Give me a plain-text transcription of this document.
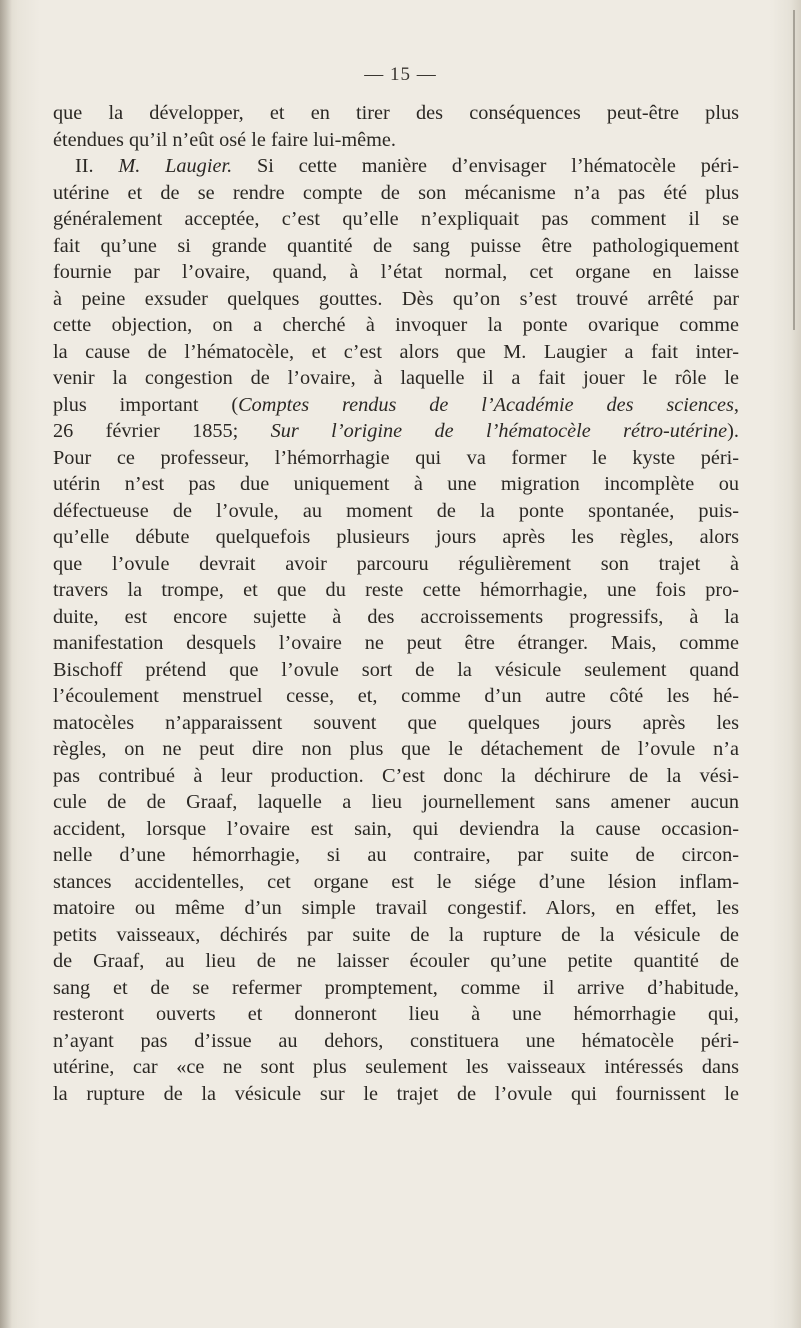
— 15 —
que la développer, et en tirer des conséquences peut-être plus
étendues qu’il n’eût osé le faire lui-même.
II. M. Laugier. Si cette manière d’envisager l’hématocèle péri-
utérine et de se rendre compte de son mécanisme n’a pas été plus
généralement acceptée, c’est qu’elle n’expliquait pas comment il se
fait qu’une si grande quantité de sang puisse être pathologiquement
fournie par l’ovaire, quand, à l’état normal, cet organe en laisse
à peine exsuder quelques gouttes. Dès qu’on s’est trouvé arrêté par
cette objection, on a cherché à invoquer la ponte ovarique comme
la cause de l’hématocèle, et c’est alors que M. Laugier a fait inter-
venir la congestion de l’ovaire, à laquelle il a fait jouer le rôle le
plus important (Comptes rendus de l’Académie des sciences,
26 février 1855; Sur l’origine de l’hématocèle rétro-utérine).
Pour ce professeur, l’hémorrhagie qui va former le kyste péri-
utérin n’est pas due uniquement à une migration incomplète ou
défectueuse de l’ovule, au moment de la ponte spontanée, puis-
qu’elle débute quelquefois plusieurs jours après les règles, alors
que l’ovule devrait avoir parcouru régulièrement son trajet à
travers la trompe, et que du reste cette hémorrhagie, une fois pro-
duite, est encore sujette à des accroissements progressifs, à la
manifestation desquels l’ovaire ne peut être étranger. Mais, comme
Bischoff prétend que l’ovule sort de la vésicule seulement quand
l’écoulement menstruel cesse, et, comme d’un autre côté les hé-
matocèles n’apparaissent souvent que quelques jours après les
règles, on ne peut dire non plus que le détachement de l’ovule n’a
pas contribué à leur production. C’est donc la déchirure de la vési-
cule de de Graaf, laquelle a lieu journellement sans amener aucun
accident, lorsque l’ovaire est sain, qui deviendra la cause occasion-
nelle d’une hémorrhagie, si au contraire, par suite de circon-
stances accidentelles, cet organe est le siége d’une lésion inflam-
matoire ou même d’un simple travail congestif. Alors, en effet, les
petits vaisseaux, déchirés par suite de la rupture de la vésicule de
de Graaf, au lieu de ne laisser écouler qu’une petite quantité de
sang et de se refermer promptement, comme il arrive d’habitude,
resteront ouverts et donneront lieu à une hémorrhagie qui,
n’ayant pas d’issue au dehors, constituera une hématocèle péri-
utérine, car «ce ne sont plus seulement les vaisseaux intéressés dans
la rupture de la vésicule sur le trajet de l’ovule qui fournissent le
